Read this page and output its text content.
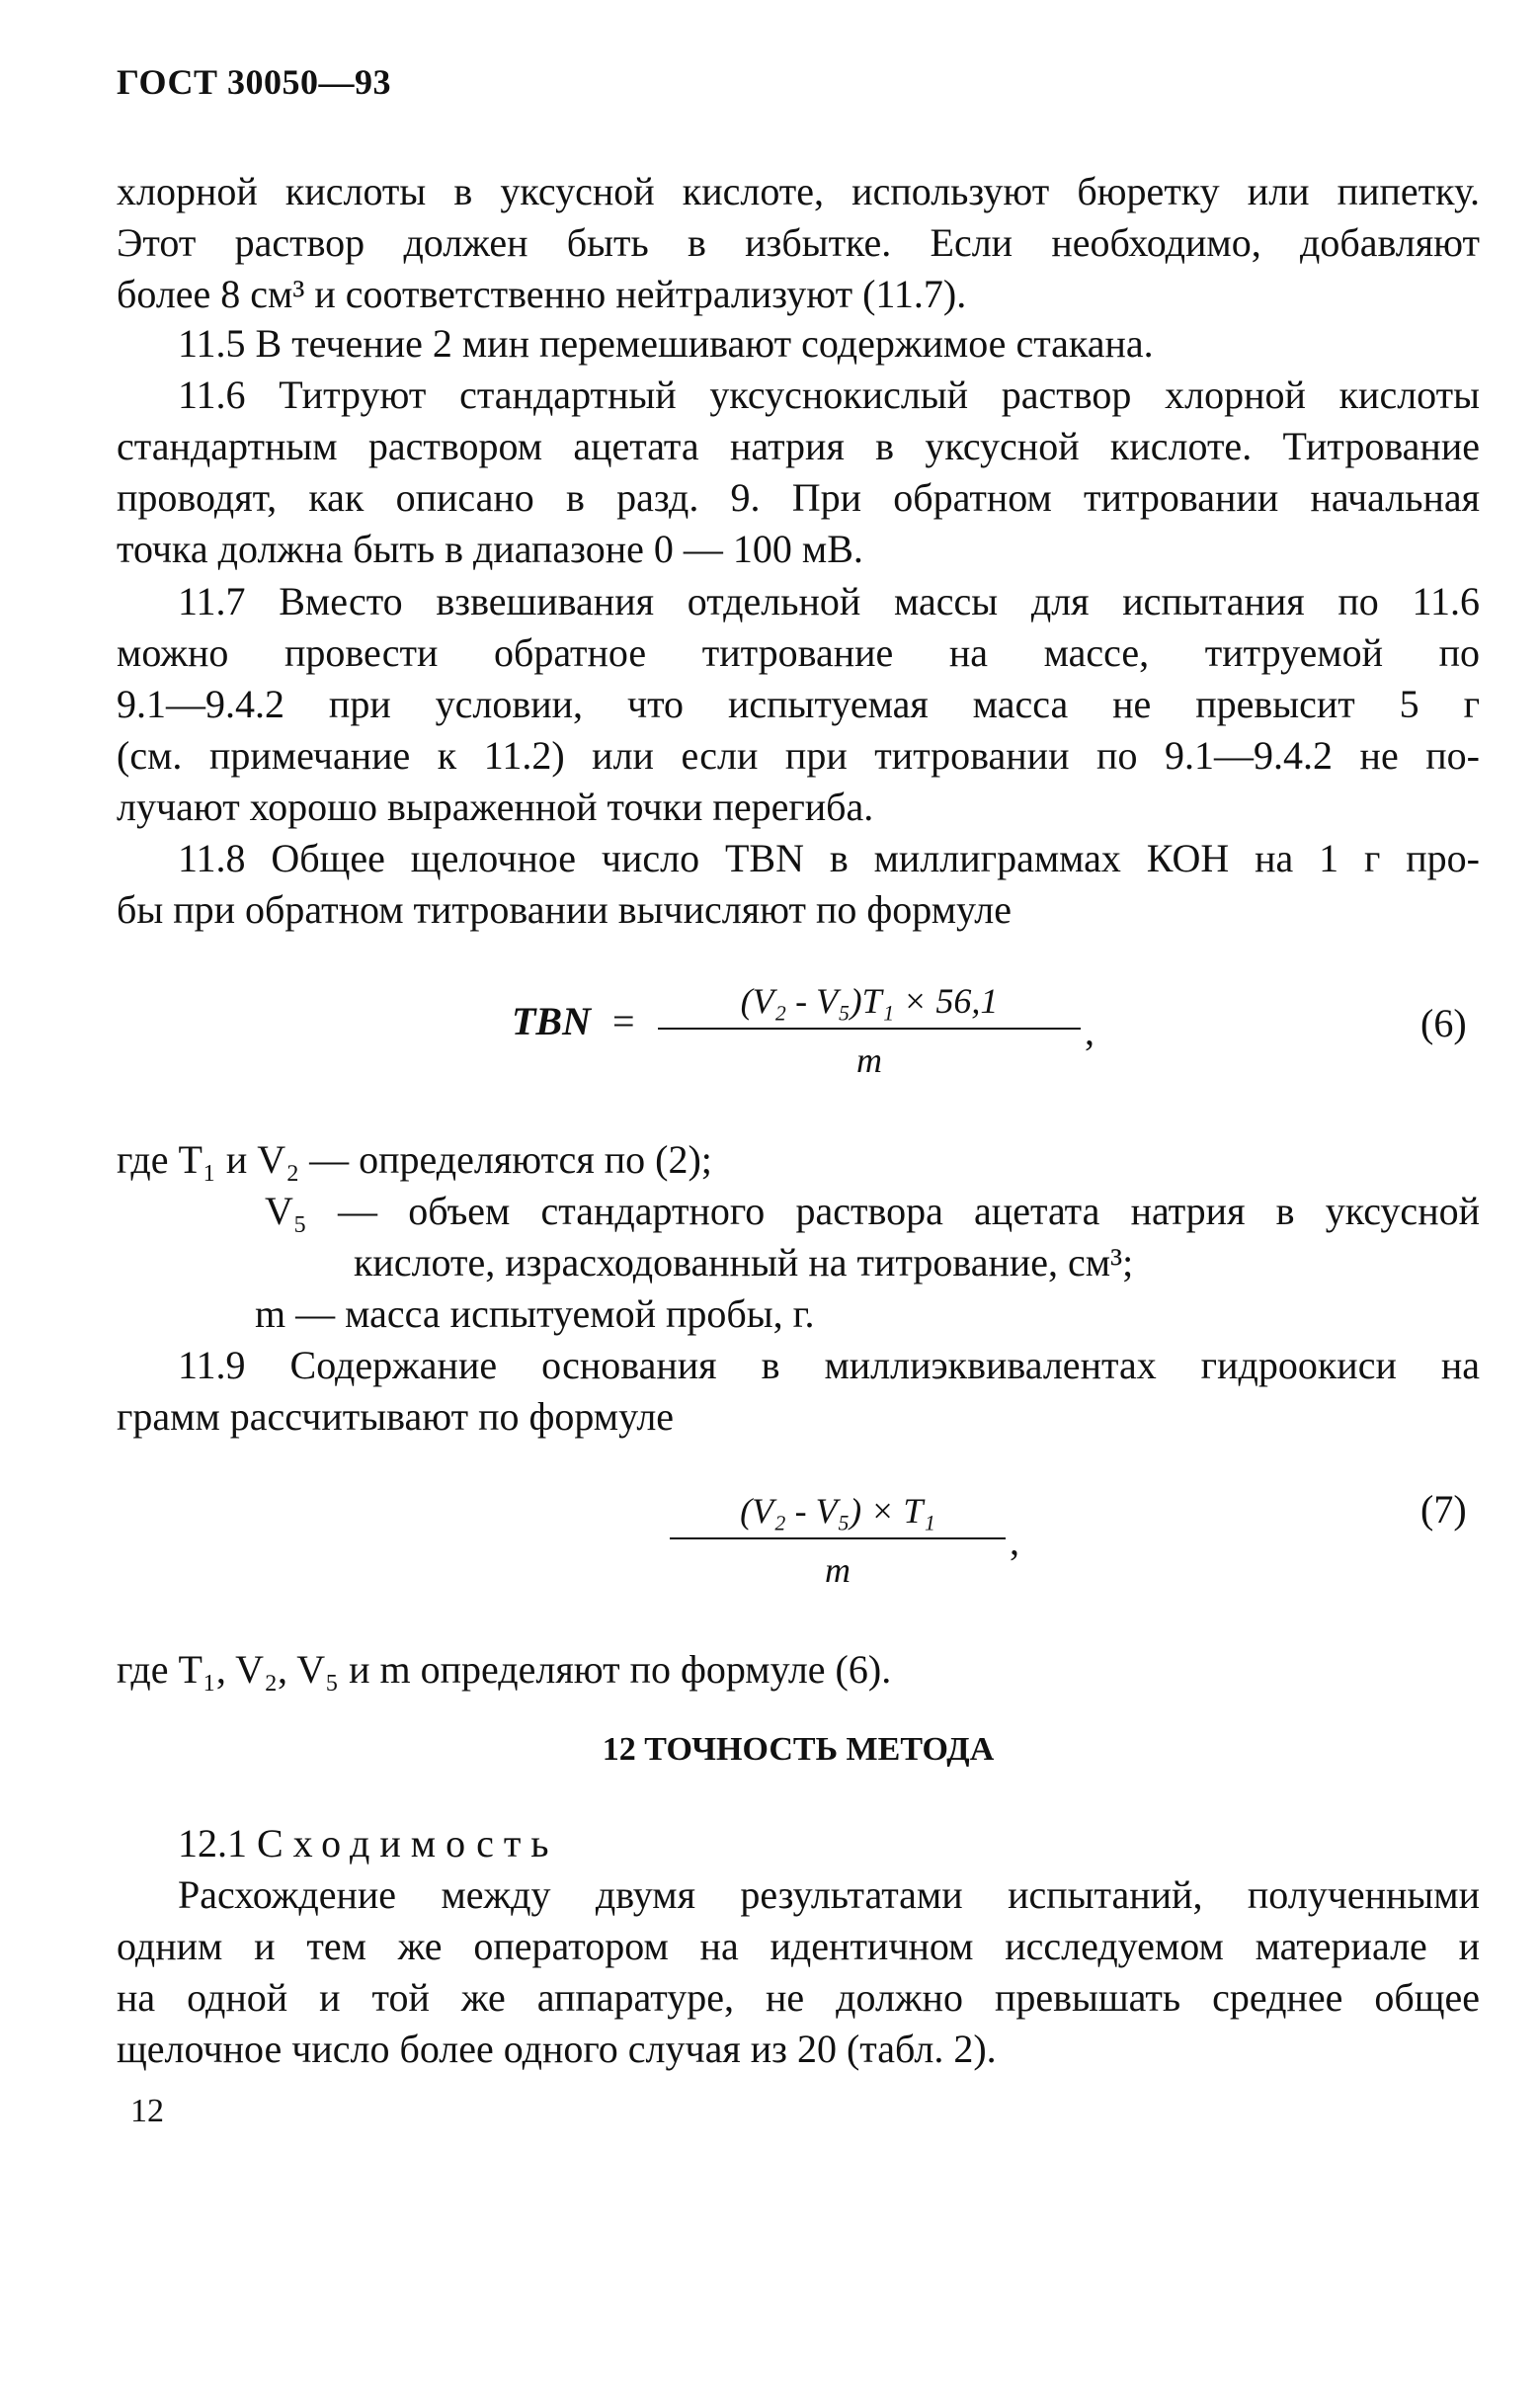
ГОСТ 30050—93
хлорной кислоты в уксусной кислоте, используют бюретку или пипетку.
Этот раствор должен быть в избытке. Если необходимо, добавляют
более 8 см³ и соответственно нейтрализуют (11.7).
11.5 В течение 2 мин перемешивают содержимое стакана.
11.6 Титруют стандартный уксуснокислый раствор хлорной кислоты
стандартным раствором ацетата натрия в уксусной кислоте. Титрование
проводят, как описано в разд. 9. При обратном титровании начальная
точка должна быть в диапазоне 0 — 100 мВ.
11.7 Вместо взвешивания отдельной массы для испытания по 11.6
можно провести обратное титрование на массе, титруемой по
9.1—9.4.2 при условии, что испытуемая масса не превысит 5 г
(см. примечание к 11.2) или если при титровании по 9.1—9.4.2 не по-
лучают хорошо выраженной точки перегиба.
11.8 Общее щелочное число TBN в миллиграммах КОН на 1 г про-
бы при обратном титровании вычисляют по формуле
TBN = $\frac{\text{(V₂ - V₅)T₁ × 56,1}}{m}$ ,	(6)
где T₁ и V₂ — определяются по (2);
V₅ — объем стандартного раствора ацетата натрия в уксусной
кислоте, израсходованный на титрование, см³;
m — масса испытуемой пробы, г.
11.9 Содержание основания в миллиэквивалентах гидроокиси на
грамм рассчитывают по формуле
$\frac{\text{(V₂ - V₅) × T₁}}{m}$ ,
(7)
где T₁, V₂, V₅ и m определяют по формуле (6).
12 ТОЧНОСТЬ МЕТОДА
12.1 Сходимость
Расхождение между двумя результатами испытаний, полученными
одним и тем же оператором на идентичном исследуемом материале и
на одной и той же аппаратуре, не должно превышать среднее общее
щелочное число более одного случая из 20 (табл. 2).
12
